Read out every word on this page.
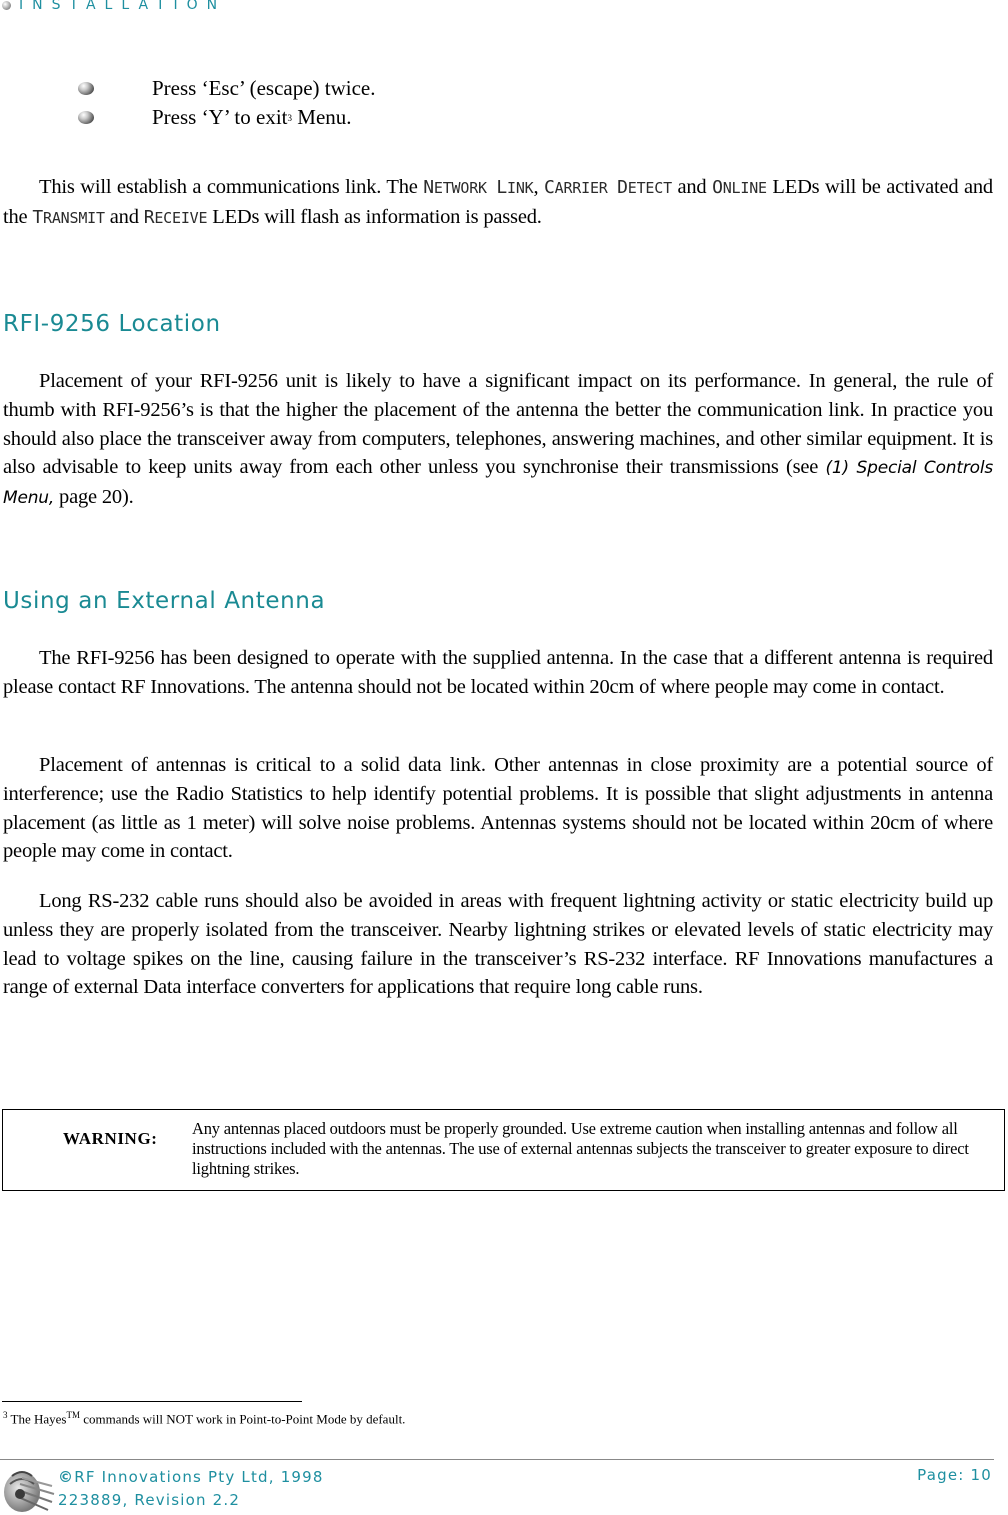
INSTALLATION
Press ‘Esc’ (escape) twice.
Press ‘Y’ to exit3 Menu.
This will establish a communications link. The NETWORK LINK, CARRIER DETECT and ONLINE LEDs will be activated and the TRANSMIT and RECEIVE LEDs will flash as information is passed.
RFI-9256 Location
Placement of your RFI-9256 unit is likely to have a significant impact on its performance. In general, the rule of thumb with RFI-9256’s is that the higher the placement of the antenna the better the communication link. In practice you should also place the transceiver away from computers, telephones, answering machines, and other similar equipment. It is also advisable to keep units away from each other unless you synchronise their transmissions (see (1) Special Controls Menu, page 20).
Using an External Antenna
The RFI-9256 has been designed to operate with the supplied antenna. In the case that a different antenna is required please contact RF Innovations. The antenna should not be located within 20cm of where people may come in contact.
Placement of antennas is critical to a solid data link. Other antennas in close proximity are a potential source of interference; use the Radio Statistics to help identify potential problems. It is possible that slight adjustments in antenna placement (as little as 1 meter) will solve noise problems. Antennas systems should not be located within 20cm of where people may come in contact.
Long RS-232 cable runs should also be avoided in areas with frequent lightning activity or static electricity build up unless they are properly isolated from the transceiver. Nearby lightning strikes or elevated levels of static electricity may lead to voltage spikes on the line, causing failure in the transceiver’s RS-232 interface. RF Innovations manufactures a range of external Data interface converters for applications that require long cable runs.
WARNING:
Any antennas placed outdoors must be properly grounded. Use extreme caution when installing antennas and follow all instructions included with the antennas. The use of external antennas subjects the transceiver to greater exposure to direct lightning strikes.
$^3$ The Hayes™ commands will NOT work in Point-to-Point Mode by default.
©RF Innovations Pty Ltd, 1998
223889, Revision 2.2
Page: 10
